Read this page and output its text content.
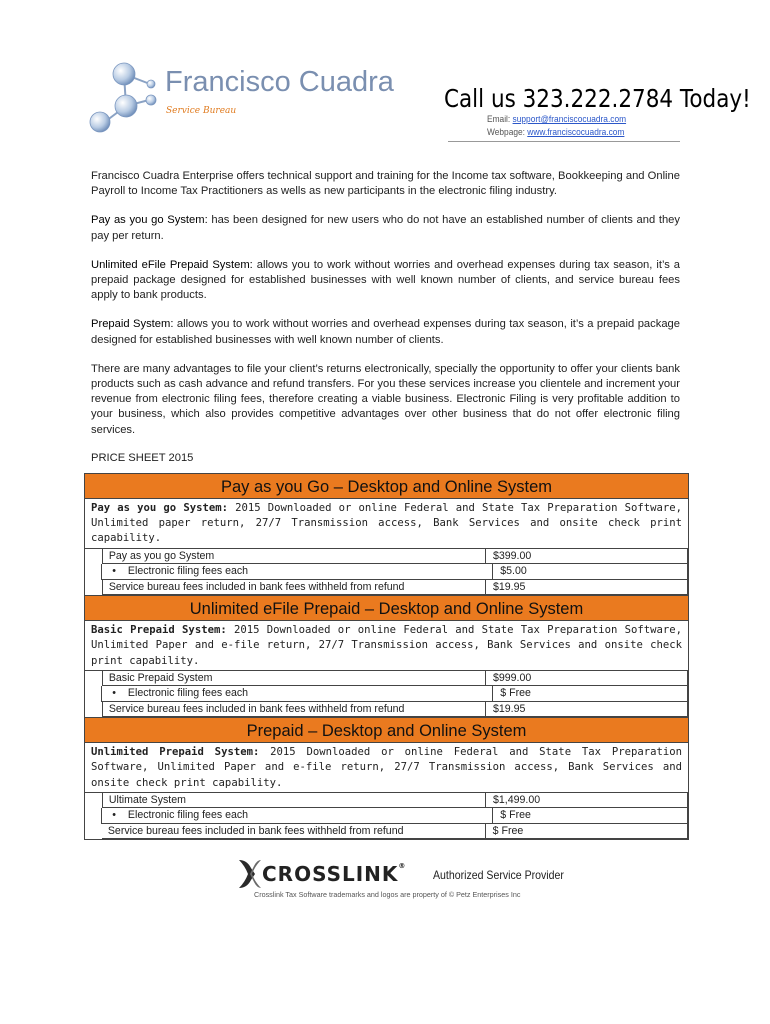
Francisco Cuadra
Service Bureau	Call us 323.222.2784 Today!
Email: support@franciscocuadra.com
Webpage: www.franciscocuadra.com

Francisco Cuadra Enterprise offers technical support and training for the Income tax software, Bookkeeping and Online Payroll to Income Tax Practitioners as wells as new participants in the electronic filing industry.

Pay as you go System: has been designed for new users who do not have an established number of clients and they pay per return.

Unlimited eFile Prepaid System: allows you to work without worries and overhead expenses during tax season, it’s a prepaid package designed for established businesses with well known number of clients, and service bureau fees apply to bank products.

Prepaid System: allows you to work without worries and overhead expenses during tax season, it’s a prepaid package designed for established businesses with well known number of clients.

There are many advantages to file your client’s returns electronically, specially the opportunity to offer your clients bank products such as cash advance and refund transfers. For you these services increase you clientele and increment your revenue from electronic filing fees, therefore creating a viable business. Electronic Filing is very profitable addition to your business, which also provides competitive advantages over other business that do not offer electronic filing services.

PRICE SHEET 2015
Pay as you Go – Desktop and Online System
Pay as you go System: 2015 Downloaded or online Federal and State Tax Preparation Software, Unlimited paper return, 27/7 Transmission access, Bank Services and onsite check print capability.
Pay as you go System	$399.00
• Electronic filing fees each	$5.00
Service bureau fees included in bank fees withheld from refund	$19.95
Unlimited eFile Prepaid – Desktop and Online System
Basic Prepaid System: 2015 Downloaded or online Federal and State Tax Preparation Software, Unlimited Paper and e-file return, 27/7 Transmission access, Bank Services and onsite check print capability.
Basic Prepaid System	$999.00
• Electronic filing fees each	$ Free
Service bureau fees included in bank fees withheld from refund	$19.95
Prepaid – Desktop and Online System
Unlimited Prepaid System: 2015 Downloaded or online Federal and State Tax Preparation Software, Unlimited Paper and e-file return, 27/7 Transmission access, Bank Services and onsite check print capability.
Ultimate System	$1,499.00
• Electronic filing fees each	$ Free
Service bureau fees included in bank fees withheld from refund	$ Free
CROSSLINK®
Authorized Service Provider
Crosslink Tax Software trademarks and logos are property of © Petz Enterprises Inc
